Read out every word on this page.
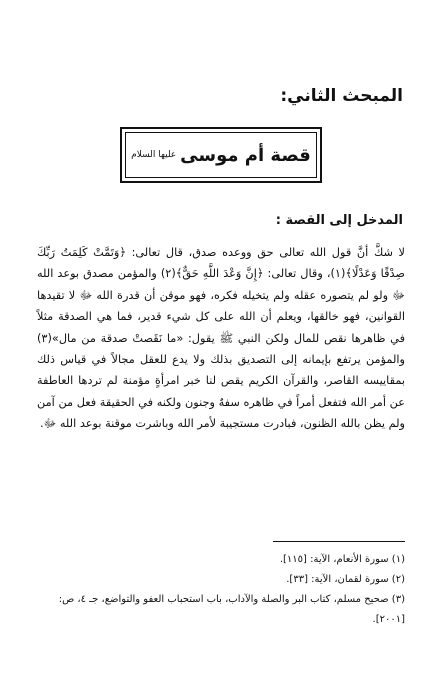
المبحث الثاني:
قصة أم موسى
عليها السلام
المدخل إلى القصة :

لا شكَّ أنَّ قول الله تعالى حق ووعده صدق، قال تعالى: ﴿وَتَمَّتْ كَلِمَتُ رَبِّكَ صِدْقًا وَعَدْلًا﴾(١)، وقال تعالى: ﴿إِنَّ وَعْدَ اللَّهِ حَقٌّ﴾(٢) والمؤمن مصدق بوعد الله ﷻ ولو لم يتصوره عقله ولم يتخيله فكره، فهو موقن أن قدرة الله ﷻ لا تقيدها القوانين، فهو خالقها، ويعلم أن الله على كل شيء قدير، فما هي الصدقة مثلاً في ظاهرها نقص للمال ولكن النبي ﷺ يقول: «ما نَقَصتْ صدقة من مال»(٣) والمؤمن يرتفع بإيمانه إلى التصديق بذلك ولا يدع للعقل مجالاً في قياس ذلك بمقاييسه القاصر، والقرآن الكريم يقص لنا خبر امرأةٍ مؤمنة لم تردها العاطفة عن أمر الله فتفعل أمراً في ظاهره سفهٌ وجنون ولكنه في الحقيقة فعل من آمن ولم يظن بالله الظنون، فبادرت مستجيبة لأمر الله وباشرت موقنة بوعد الله ﷻ.

(١) سورة الأنعام، الآية: [١١٥].
(٢) سورة لقمان، الآية: [٣٣].
(٣) صحيح مسلم، كتاب البر والصلة والآداب، باب استحباب العفو والتواضع، جـ ٤، ص: [٢٠٠١].
